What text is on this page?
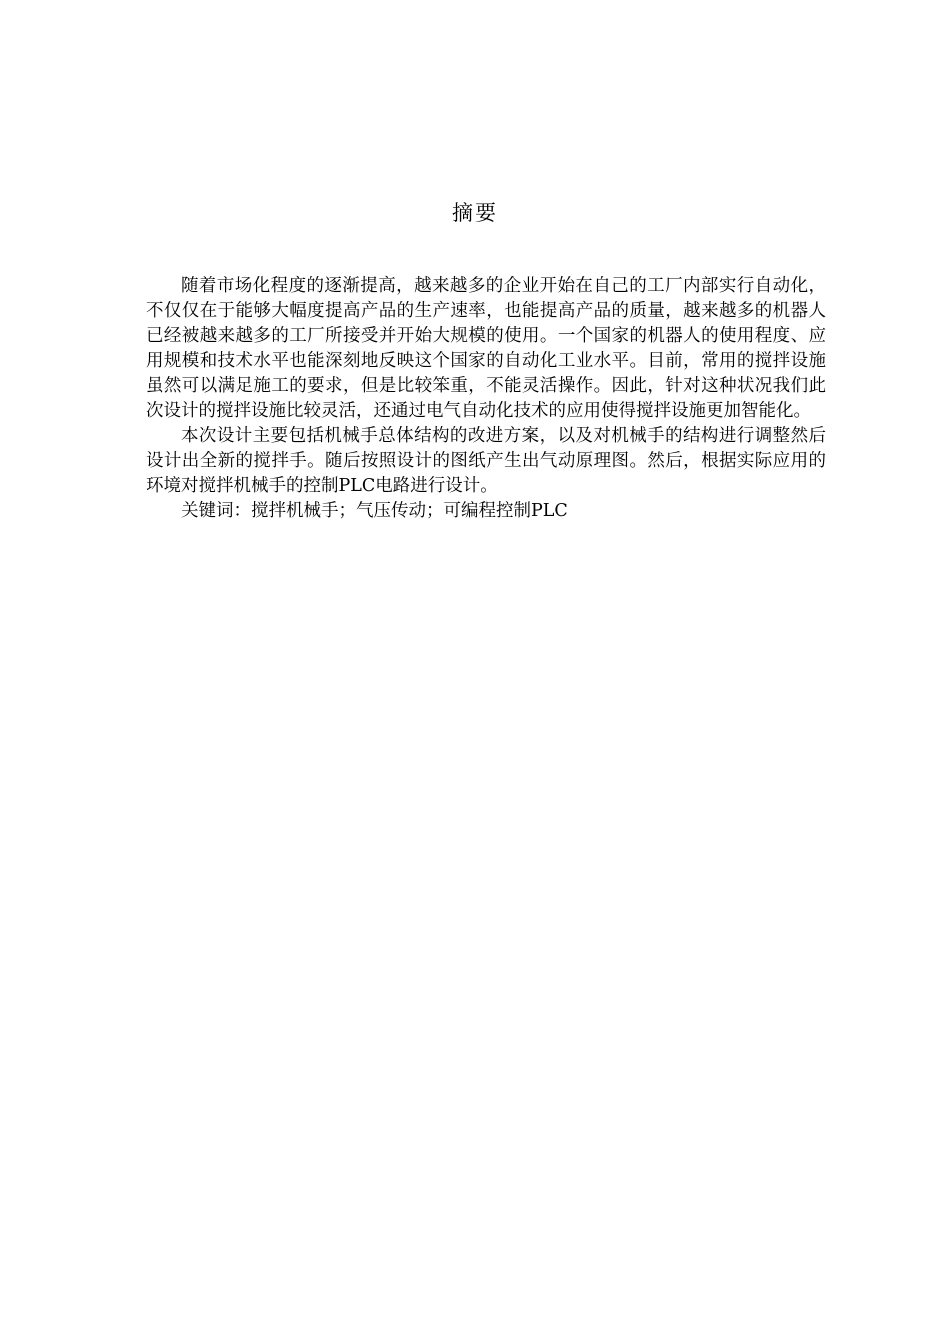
摘要

随着市场化程度的逐渐提高，越来越多的企业开始在自己的工厂内部实行自动化，不仅仅在于能够大幅度提高产品的生产速率，也能提高产品的质量，越来越多的机器人已经被越来越多的工厂所接受并开始大规模的使用。一个国家的机器人的使用程度、应用规模和技术水平也能深刻地反映这个国家的自动化工业水平。目前，常用的搅拌设施虽然可以满足施工的要求，但是比较笨重，不能灵活操作。因此，针对这种状况我们此次设计的搅拌设施比较灵活，还通过电气自动化技术的应用使得搅拌设施更加智能化。

本次设计主要包括机械手总体结构的改进方案，以及对机械手的结构进行调整然后设计出全新的搅拌手。随后按照设计的图纸产生出气动原理图。然后，根据实际应用的环境对搅拌机械手的控制PLC电路进行设计。

关键词：搅拌机械手；气压传动；可编程控制PLC
